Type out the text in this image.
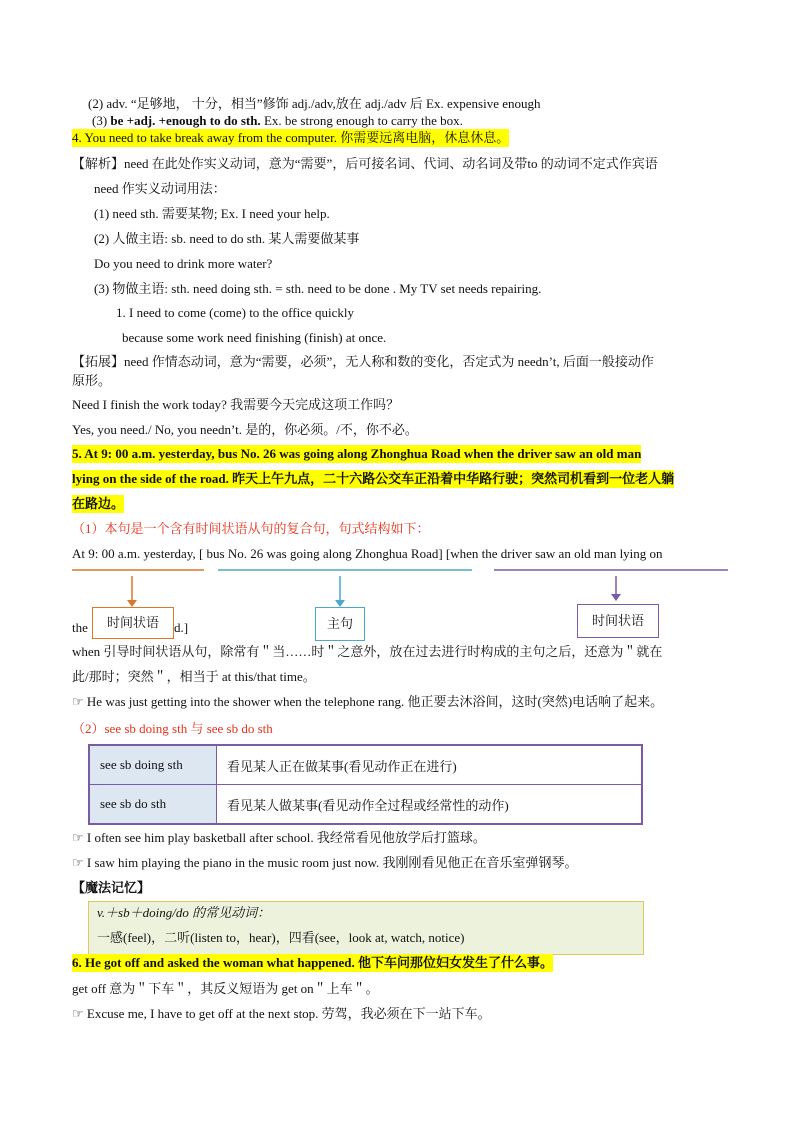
(2) adv. “足够地， 十分，相当”修饰 adj./adv,放在 adj./adv 后 Ex. expensive enough
(3) be +adj. +enough to do sth. Ex. be strong enough to carry the box.
4. You need to take break away from the computer. 你需要远离电脑，休息休息。
【解析】need 在此处作实义动词，意为“需要”，后可接名词、代词、动名词及带to 的动词不定式作宾语
need 作实义动词用法：
(1) need sth. 需要某物; Ex. I need your help.
(2) 人做主语: sb. need to do sth. 某人需要做某事
Do you need to drink more water?
(3) 物做主语: sth. need doing sth. = sth. need to be done . My TV set needs repairing.
1. I need to come (come) to the office quickly
because some work need finishing (finish) at once.
【拓展】need 作情态动词，意为“需要，必须”，无人称和数的变化，否定式为 needn’t, 后面一般接动作
原形。
Need I finish the work today? 我需要今天完成这项工作吗？
Yes, you need./ No, you needn’t. 是的，你必须。/不，你不必。
5. At 9: 00 a.m. yesterday, bus No. 26 was going along Zhonghua Road when the driver saw an old man
lying on the side of the road. 昨天上午九点，二十六路公交车正沿着中华路行驶；突然司机看到一位老人躺
在路边。
（1）本句是一个含有时间状语从句的复合句，句式结构如下：
At 9: 00 a.m. yesterday, [ bus No. 26 was going along Zhonghua Road] [when the driver saw an old man lying on
the	d.]
时间状语	主句	时间状语
when 引导时间状语从句，除常有＂当……时＂之意外，放在过去进行时构成的主句之后，还意为＂就在
此/那时；突然＂，相当于 at this/that time。
☞ He was just getting into the shower when the telephone rang. 他正要去沐浴间，这时(突然)电话响了起来。
（2）see sb doing sth 与 see sb do sth
see sb doing sth	看见某人正在做某事(看见动作正在进行)
see sb do sth	看见某人做某事(看见动作全过程或经常性的动作)
☞ I often see him play basketball after school. 我经常看见他放学后打篮球。
☞ I saw him playing the piano in the music room just now. 我刚刚看见他正在音乐室弹钢琴。
【魔法记忆】
v.＋sb＋doing/do 的常见动词：
一感(feel)，二听(listen to，hear)，四看(see，look at, watch, notice)
6. He got off and asked the woman what happened. 他下车问那位妇女发生了什么事。
get off 意为＂下车＂，其反义短语为 get on＂上车＂。
☞ Excuse me, I have to get off at the next stop. 劳驾，我必须在下一站下车。
